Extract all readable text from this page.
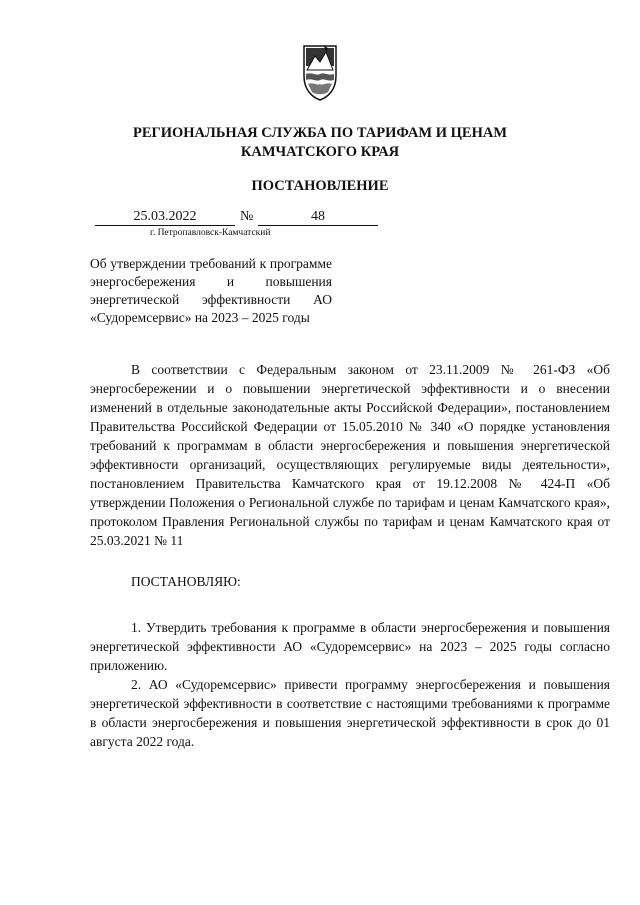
РЕГИОНАЛЬНАЯ СЛУЖБА ПО ТАРИФАМ И ЦЕНАМ
КАМЧАТСКОГО КРАЯ
ПОСТАНОВЛЕНИЕ
25.03.2022	№	48
г. Петропавловск-Камчатский
Об утверждении требований к программе энергосбережения и повышения энергетической эффективности АО «Судоремсервис» на 2023 – 2025 годы

В соответствии с Федеральным законом от 23.11.2009 № 261-ФЗ «Об энергосбережении и о повышении энергетической эффективности и о внесении изменений в отдельные законодательные акты Российской Федерации», постановлением Правительства Российской Федерации от 15.05.2010 № 340 «О порядке установления требований к программам в области энергосбережения и повышения энергетической эффективности организаций, осуществляющих регулируемые виды деятельности», постановлением Правительства Камчатского края от 19.12.2008 № 424-П «Об утверждении Положения о Региональной службе по тарифам и ценам Камчатского края», протоколом Правления Региональной службы по тарифам и ценам Камчатского края от 25.03.2021 № 11

ПОСТАНОВЛЯЮ:

1. Утвердить требования к программе в области энергосбережения и повышения энергетической эффективности АО «Судоремсервис» на 2023 – 2025 годы согласно приложению.

2. АО «Судоремсервис» привести программу энергосбережения и повышения энергетической эффективности в соответствие с настоящими требованиями к программе в области энергосбережения и повышения энергетической эффективности в срок до 01 августа 2022 года.
